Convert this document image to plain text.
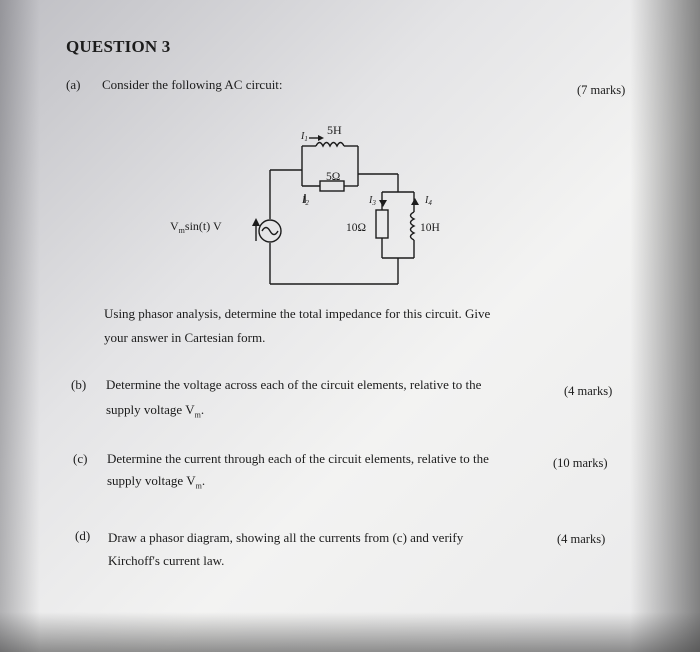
QUESTION 3
(a) Consider the following AC circuit:	(7 marks)
5H
5Ω
10Ω	10H
$V_m\sin(t)$ V
$I_1$
$I_2$	$I_3$	$I_4$
Using phasor analysis, determine the total impedance for this circuit. Give
your answer in Cartesian form.
(b) Determine the voltage across each of the circuit elements, relative to the	(4 marks)
supply voltage $V_m$.
(c) Determine the current through each of the circuit elements, relative to the	(10 marks)
supply voltage $V_m$.
(d) Draw a phasor diagram, showing all the currents from (c) and verify	(4 marks)
Kirchoff's current law.
